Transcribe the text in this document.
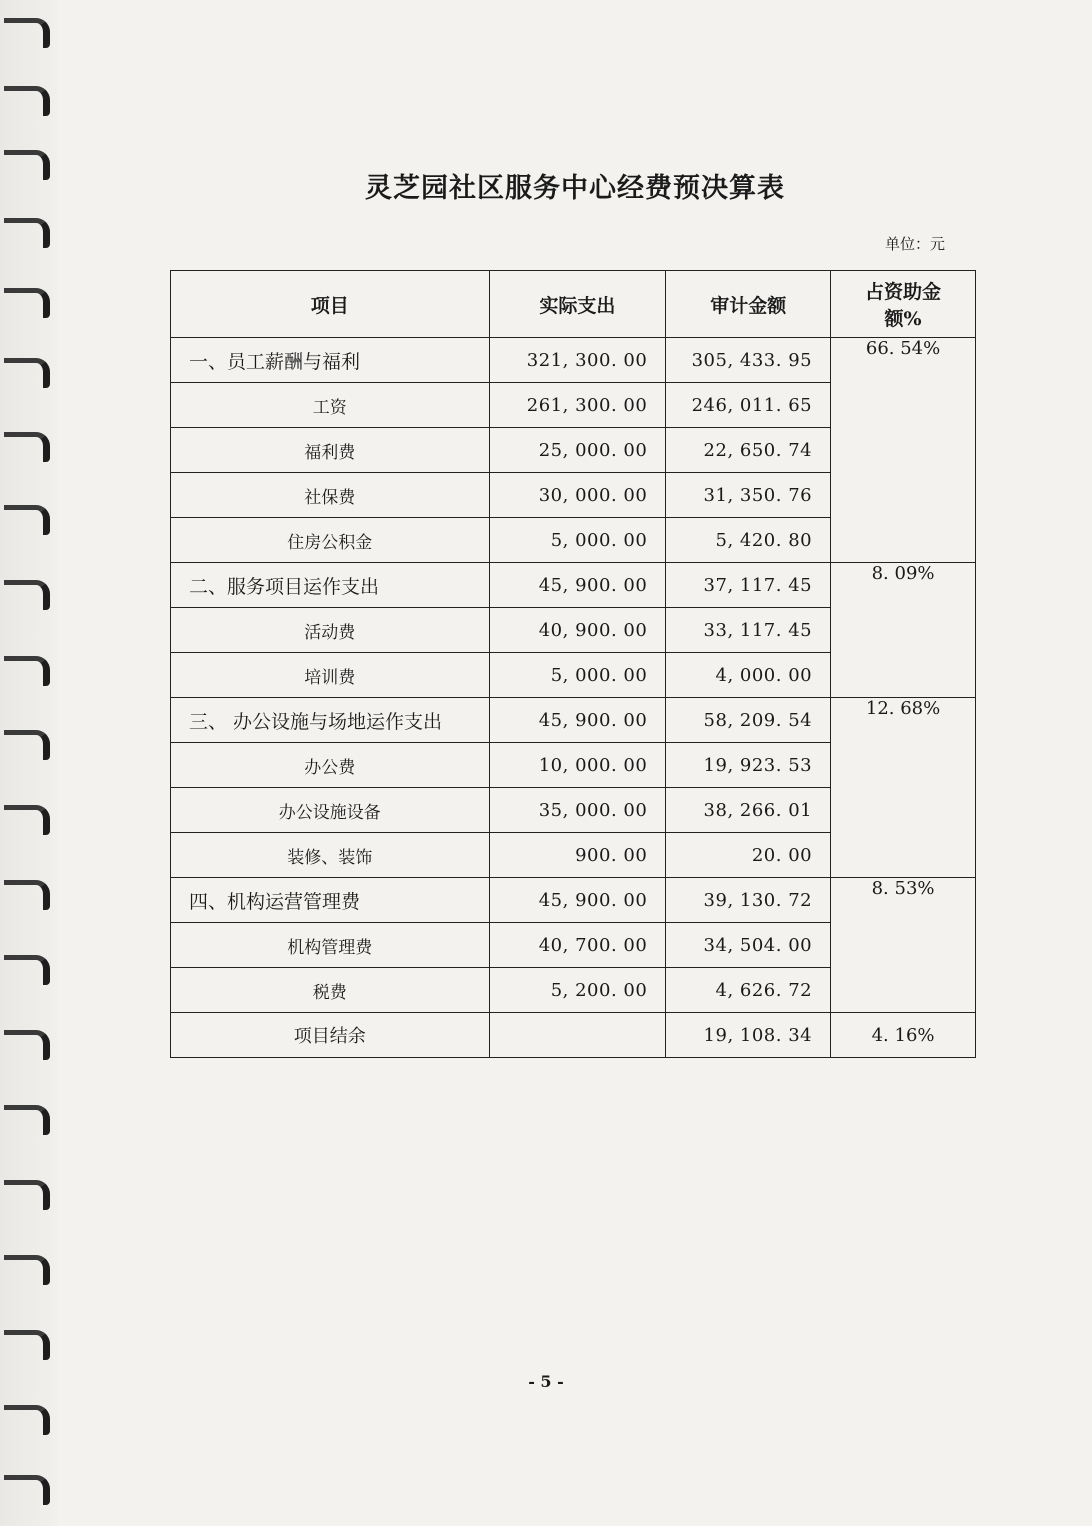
灵芝园社区服务中心经费预决算表
单位：元
项目	实际支出	审计金额	占资助金额%
一、员工薪酬与福利	321, 300. 00	305, 433. 95	66. 54%
工资	261, 300. 00	246, 011. 65	
福利费	25, 000. 00	22, 650. 74	
社保费	30, 000. 00	31, 350. 76	
住房公积金	5, 000. 00	5, 420. 80	
二、服务项目运作支出	45, 900. 00	37, 117. 45	8. 09%
活动费	40, 900. 00	33, 117. 45	
培训费	5, 000. 00	4, 000. 00	
三、 办公设施与场地运作支出	45, 900. 00	58, 209. 54	12. 68%
办公费	10, 000. 00	19, 923. 53	
办公设施设备	35, 000. 00	38, 266. 01	
装修、装饰	900. 00	20. 00	
四、机构运营管理费	45, 900. 00	39, 130. 72	8. 53%
机构管理费	40, 700. 00	34, 504. 00	
税费	5, 200. 00	4, 626. 72	
项目结余		19, 108. 34	4. 16%
- 5 -
